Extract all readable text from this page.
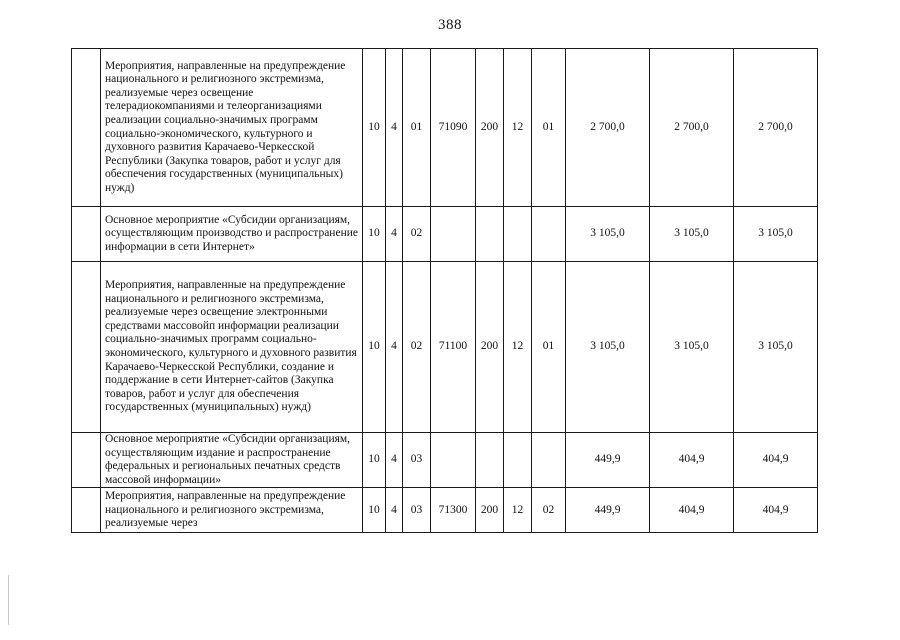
388
	Мероприятия, направленные на предупреждение национального и религиозного экстремизма, реализуемые через освещение телерадиокомпаниями и телеорганизациями реализации социально-значимых программ социально-экономического, культурного и духовного развития Карачаево-Черкесской Республики (Закупка товаров, работ и услуг для обеспечения государственных (муниципальных) нужд)	10	4	01	71090	200	12	01	2 700,0	2 700,0	2 700,0
	Основное мероприятие «Субсидии организациям, осуществляющим производство и распространение информации в сети Интернет»	10	4	02					3 105,0	3 105,0	3 105,0
	Мероприятия, направленные на предупреждение национального и религиозного экстремизма, реализуемые через освещение электронными средствами массовойп информации реализации социально-значимых программ социально-экономического, культурного и духовного развития Карачаево-Черкесской Республики, создание и поддержание в сети Интернет-сайтов (Закупка товаров, работ и услуг для обеспечения государственных (муниципальных) нужд)	10	4	02	71100	200	12	01	3 105,0	3 105,0	3 105,0
	Основное мероприятие «Субсидии организациям, осуществляющим издание и распространение федеральных и региональных печатных средств массовой информации»	10	4	03					449,9	404,9	404,9
	Мероприятия, направленные на предупреждение национального и религиозного экстремизма, реализуемые через	10	4	03	71300	200	12	02	449,9	404,9	404,9
